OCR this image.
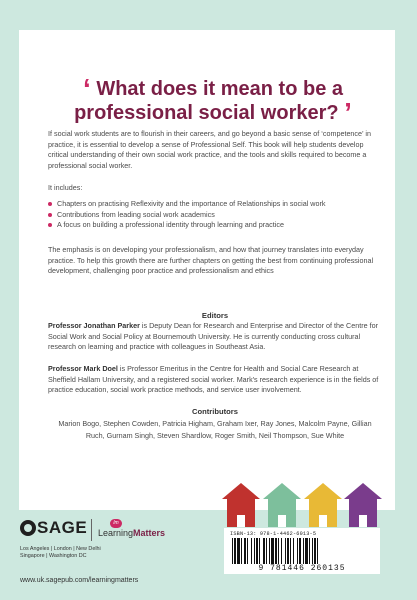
‘ What does it mean to be a
professional social worker? ’

If social work students are to flourish in their careers, and go beyond a basic sense of ‘competence’ in practice, it is essential to develop a sense of Professional Self. This book will help students develop critical understanding of their own social work practice, and the tools and skills required to become a professional social worker.

It includes:

Chapters on practising Reflexivity and the importance of Relationships in social work
Contributions from leading social work academics
A focus on building a professional identity through learning and practice

The emphasis is on developing your professionalism, and how that journey translates into everyday practice. To help this growth there are further chapters on getting the best from continuing professional development, challenging poor practice and professionalism and ethics

Editors

Professor Jonathan Parker is Deputy Dean for Research and Enterprise and Director of the Centre for Social Work and Social Policy at Bournemouth University. He is currently conducting cross cultural research on learning and practice with colleagues in Southeast Asia.

Professor Mark Doel is Professor Emeritus in the Centre for Health and Social Care Research at Sheffield Hallam University, and a registered social worker. Mark's research experience is in the fields of practice education, social work practice methods, and service user involvement.

Contributors

Marion Bogo, Stephen Cowden, Patricia Higham, Graham Ixer, Ray Jones, Malcolm Payne, Gillian Ruch, Gurnam Singh, Steven Shardlow, Roger Smith, Neil Thompson, Sue White

ISBN-13: 978-1-4462-6013-5
9 781446 260135
SAGE	lm
LearningMatters

Los Angeles | London | New Delhi
Singapore | Washington DC

www.uk.sagepub.com/learningmatters
